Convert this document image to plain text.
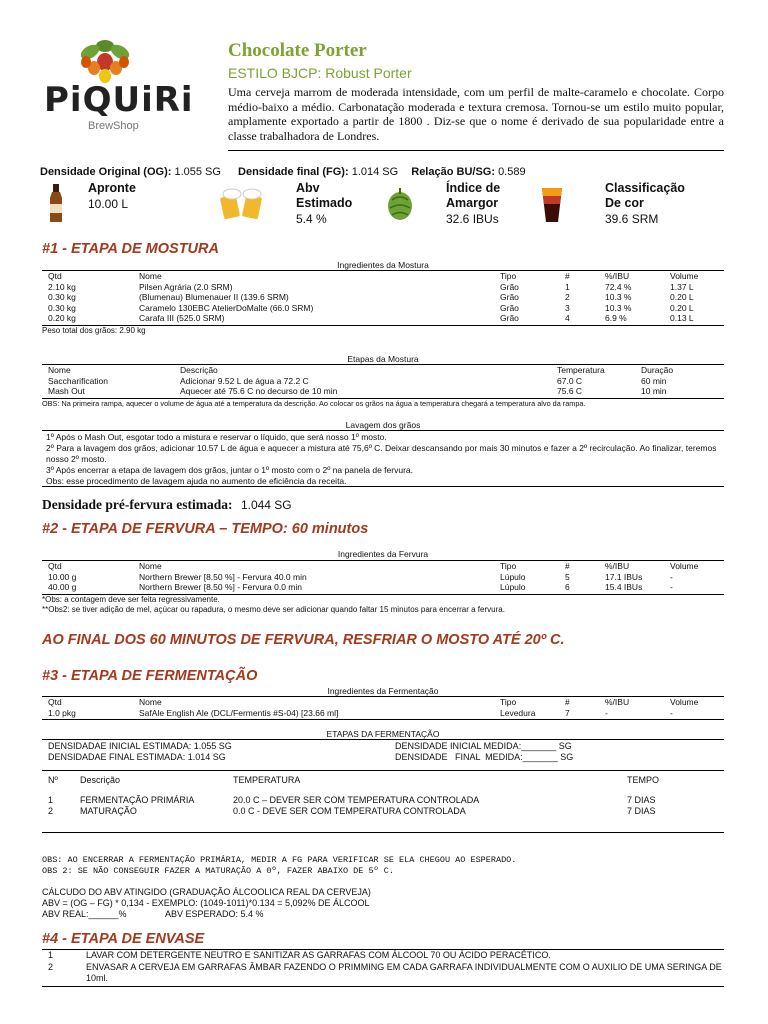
PiQUiRi
BrewShop
Chocolate Porter
ESTILO BJCP: Robust Porter
Uma cerveja marrom de moderada intensidade, com um perfil de malte-caramelo e chocolate. Corpo médio-baixo a médio. Carbonatação moderada e textura cremosa. Tornou-se um estilo muito popular, amplamente exportado a partir de 1800 . Diz-se que o nome é derivado de sua popularidade entre a classe trabalhadora de Londres.
Densidade Original (OG): 1.055 SG Densidade final (FG): 1.014 SG Relação BU/SG: 0.589
Apronte
10.00 L
Abv
Estimado
5.4 %
Índice de
Amargor
32.6 IBUs
Classificação
De cor
39.6 SRM
#1 - ETAPA DE MOSTURA
Ingredientes da Mostura
Qtd	Nome	Tipo	#	%/IBU	Volume
2.10 kg	Pilsen Agrária (2.0 SRM)	Grão	1	72.4 %	1.37 L
0.30 kg	(Blumenau) Blumenauer II (139.6 SRM)	Grão	2	10.3 %	0.20 L
0.30 kg	Caramelo 130EBC AtelierDoMalte (66.0 SRM)	Grão	3	10.3 %	0.20 L
0.20 kg	Carafa III (525.0 SRM)	Grão	4	6.9 %	0.13 L
Peso total dos grãos: 2.90 kg
Etapas da Mostura
Nome	Descrição	Temperatura	Duração
Saccharification	Adicionar 9.52 L de água a 72.2 C	67.0 C	60 min
Mash Out	Aquecer até 75.6 C no decurso de 10 min	75.6 C	10 min
OBS: Na primeira rampa, aquecer o volume de água até a temperatura da descrição. Ao colocar os grãos na água a temperatura chegará a temperatura alvo da rampa.
Lavagem dos grãos
1º Após o Mash Out, esgotar todo a mistura e reservar o líquido, que será nosso 1º mosto.
2º Para a lavagem dos grãos, adicionar 10.57 L de água e aquecer a mistura até 75,6º C. Deixar descansando por mais 30 minutos e fazer a 2º recirculação. Ao finalizar, teremos nosso 2º mosto.
3º Após encerrar a etapa de lavagem dos grãos, juntar o 1º mosto com o 2º na panela de fervura.
Obs: esse procedimento de lavagem ajuda no aumento de eficiência da receita.
Densidade pré-fervura estimada: 1.044 SG
#2 - ETAPA DE FERVURA – TEMPO: 60 minutos
Ingredientes da Fervura
Qtd	Nome	Tipo	#	%/IBU	Volume
10.00 g	Northern Brewer [8.50 %] - Fervura 40.0 min	Lúpulo	5	17.1 IBUs	-
40.00 g	Northern Brewer [8.50 %] - Fervura 0.0 min	Lúpulo	6	15.4 IBUs	-
*Obs: a contagem deve ser feita regressivamente.
**Obs2: se tiver adição de mel, açúcar ou rapadura, o mesmo deve ser adicionar quando faltar 15 minutos para encerrar a fervura.
AO FINAL DOS 60 MINUTOS DE FERVURA, RESFRIAR O MOSTO ATÉ 20º C.
#3 - ETAPA DE FERMENTAÇÃO
Ingredientes da Fermentação
Qtd	Nome	Tipo	#	%/IBU	Volume
1.0 pkg	SafAle English Ale (DCL/Fermentis #S-04) [23.66 ml]	Levedura	7	-	-
ETAPAS DA FERMENTAÇÃO
DENSIDADAE INICIAL ESTIMADA: 1.055 SG	DENSIDADE INICIAL MEDIDA:_______ SG
DENSIDADAE FINAL ESTIMADA: 1.014 SG	DENSIDADE   FINAL  MEDIDA:_______ SG
Nº Descrição	TEMPERATURA	TEMPO
1	FERMENTAÇÃO PRIMÁRIA	20.0 C – DEVER SER COM TEMPERATURA CONTROLADA	7 DIAS
2	MATURAÇÃO	0.0 C - DEVE SER COM TEMPERATURA CONTROLADA	7 DIAS
OBS: AO ENCERRAR A FERMENTAÇÃO PRIMÁRIA, MEDIR A FG PARA VERIFICAR SE ELA CHEGOU AO ESPERADO.
OBS 2: SE NÃO CONSEGUIR FAZER A MATURAÇÃO A 0º, FAZER ABAIXO DE 5º C.
CÁLCUDO DO ABV ATINGIDO (GRADUAÇÃO ÁLCOOLICA REAL DA CERVEJA)
ABV = (OG – FG) * 0,134 - EXEMPLO: (1049-1011)*0.134 = 5,092% DE ÁLCOOL
ABV REAL:______%	ABV ESPERADO: 5.4 %
#4 - ETAPA DE ENVASE
1	LAVAR COM DETERGENTE NEUTRO E SANITIZAR AS GARRAFAS COM ÁLCOOL 70 OU ÁCIDO PERACÉTICO.
2	ENVASAR A CERVEJA EM GARRAFAS ÂMBAR FAZENDO O PRIMMING EM CADA GARRAFA INDIVIDUALMENTE COM O AUXILIO DE UMA SERINGA DE 10ml.
